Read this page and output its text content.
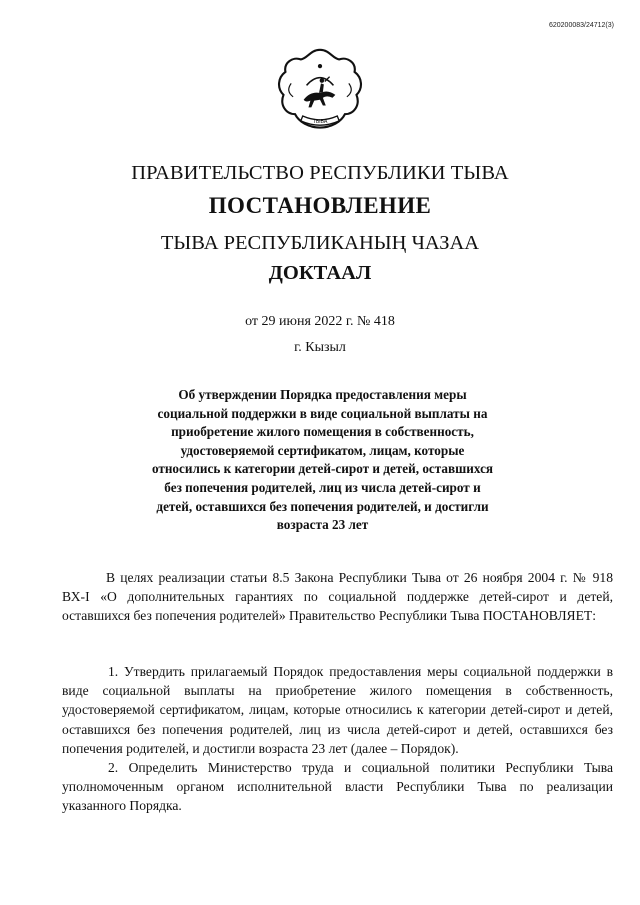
620200083/24712(3)
ТЫВА
ПРАВИТЕЛЬСТВО РЕСПУБЛИКИ ТЫВА
ПОСТАНОВЛЕНИЕ
ТЫВА РЕСПУБЛИКАНЫҢ ЧАЗАА
ДОКТААЛ
от 29 июня 2022 г. № 418
г. Кызыл
Об утверждении Порядка предоставления меры социальной поддержки в виде социальной выплаты на приобретение жилого помещения в собственность, удостоверяемой сертификатом, лицам, которые относились к категории детей-сирот и детей, оставшихся без попечения родителей, лиц из числа детей-сирот и детей, оставшихся без попечения родителей, и достигли возраста 23 лет

В целях реализации статьи 8.5 Закона Республики Тыва от 26 ноября 2004 г. № 918 ВХ-I «О дополнительных гарантиях по социальной поддержке детей-сирот и детей, оставшихся без попечения родителей» Правительство Республики Тыва ПОСТАНОВЛЯЕТ:

1. Утвердить прилагаемый Порядок предоставления меры социальной поддержки в виде социальной выплаты на приобретение жилого помещения в собственность, удостоверяемой сертификатом, лицам, которые относились к категории детей-сирот и детей, оставшихся без попечения родителей, лиц из числа детей-сирот и детей, оставшихся без попечения родителей, и достигли возраста 23 лет (далее – Порядок).

2. Определить Министерство труда и социальной политики Республики Тыва уполномоченным органом исполнительной власти Республики Тыва по реализации указанного Порядка.
